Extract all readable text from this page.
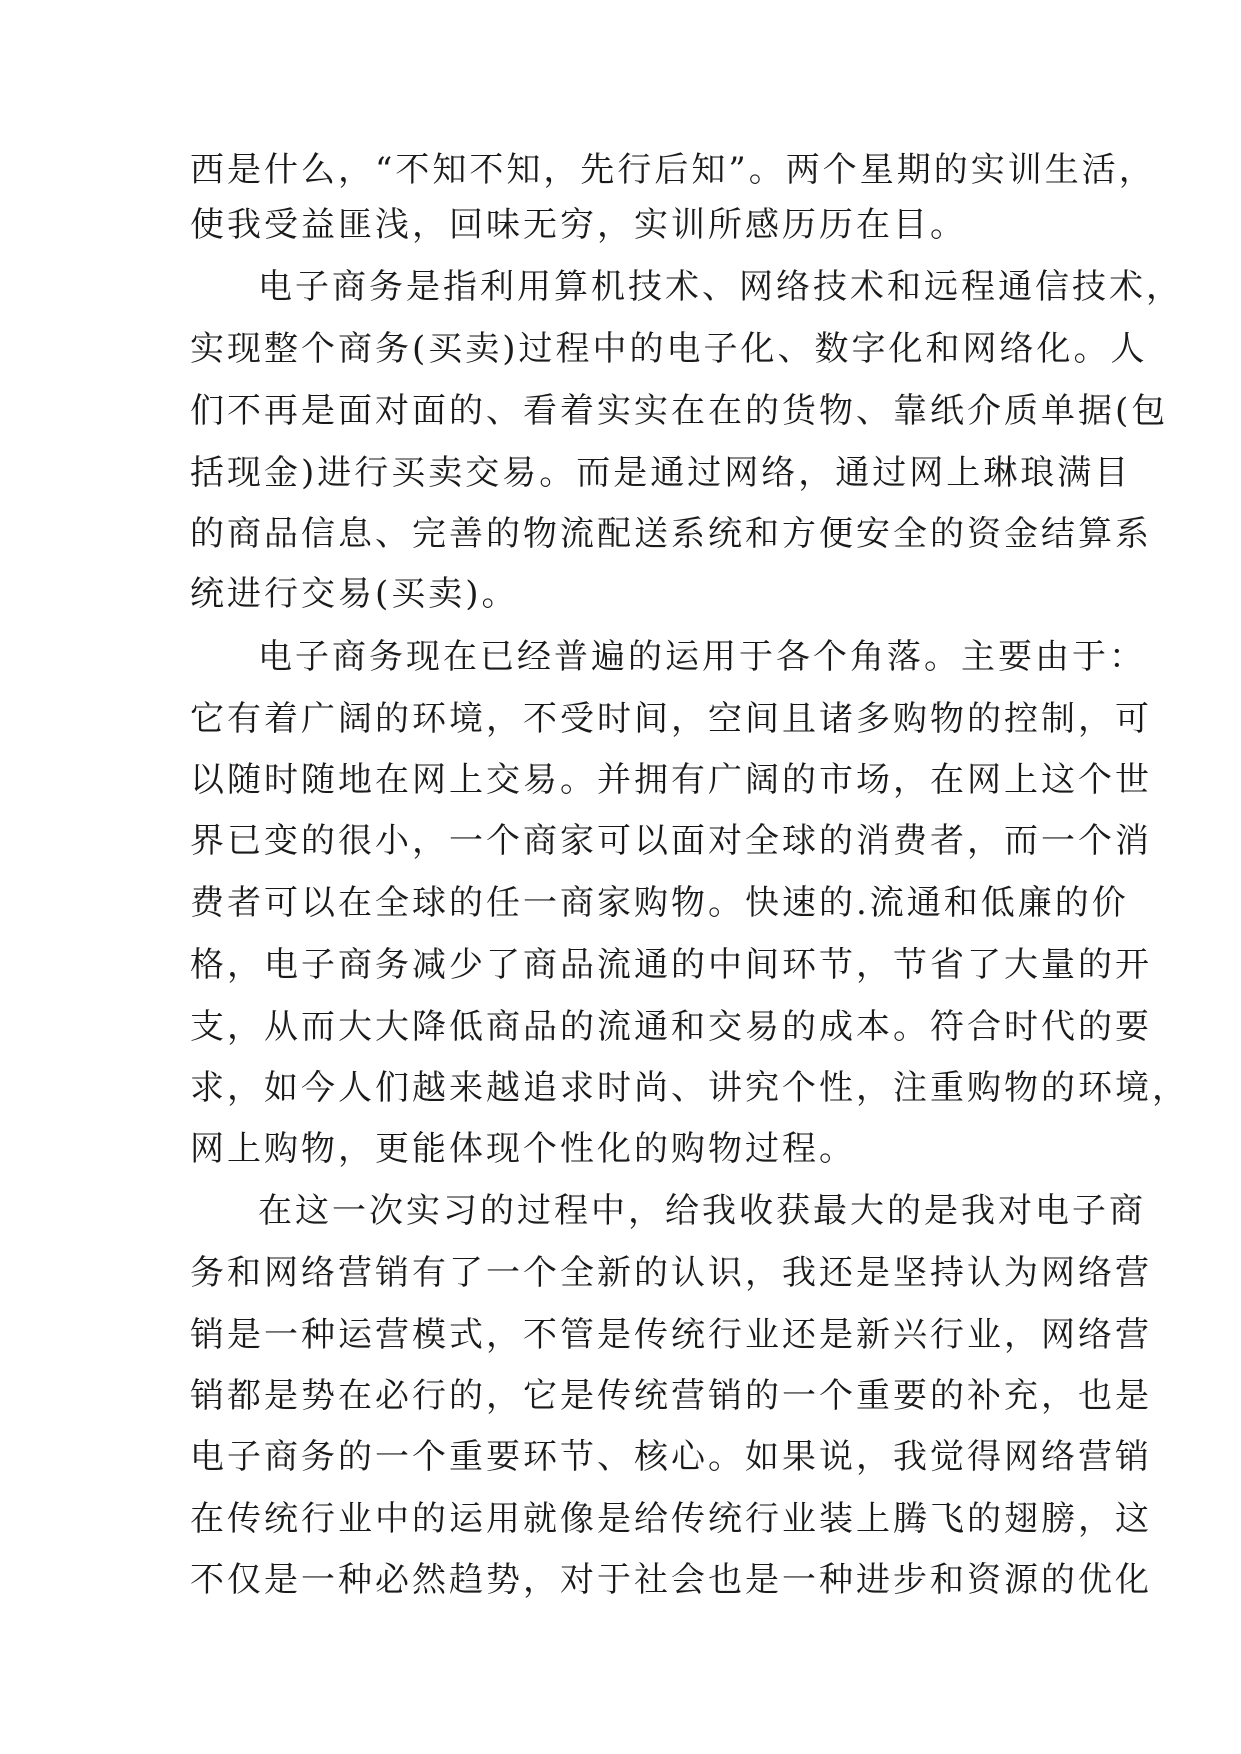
西是什么，“不知不知，先行后知”。两个星期的实训生活，
使我受益匪浅，回味无穷，实训所感历历在目。
电子商务是指利用算机技术、网络技术和远程通信技术，
实现整个商务(买卖)过程中的电子化、数字化和网络化。人
们不再是面对面的、看着实实在在的货物、靠纸介质单据(包
括现金)进行买卖交易。而是通过网络，通过网上琳琅满目
的商品信息、完善的物流配送系统和方便安全的资金结算系
统进行交易(买卖)。
电子商务现在已经普遍的运用于各个角落。主要由于：
它有着广阔的环境，不受时间，空间且诸多购物的控制，可
以随时随地在网上交易。并拥有广阔的市场，在网上这个世
界已变的很小，一个商家可以面对全球的消费者，而一个消
费者可以在全球的任一商家购物。快速的.流通和低廉的价
格，电子商务减少了商品流通的中间环节，节省了大量的开
支，从而大大降低商品的流通和交易的成本。符合时代的要
求，如今人们越来越追求时尚、讲究个性，注重购物的环境，
网上购物，更能体现个性化的购物过程。
在这一次实习的过程中，给我收获最大的是我对电子商
务和网络营销有了一个全新的认识，我还是坚持认为网络营
销是一种运营模式，不管是传统行业还是新兴行业，网络营
销都是势在必行的，它是传统营销的一个重要的补充，也是
电子商务的一个重要环节、核心。如果说，我觉得网络营销
在传统行业中的运用就像是给传统行业装上腾飞的翅膀，这
不仅是一种必然趋势，对于社会也是一种进步和资源的优化
